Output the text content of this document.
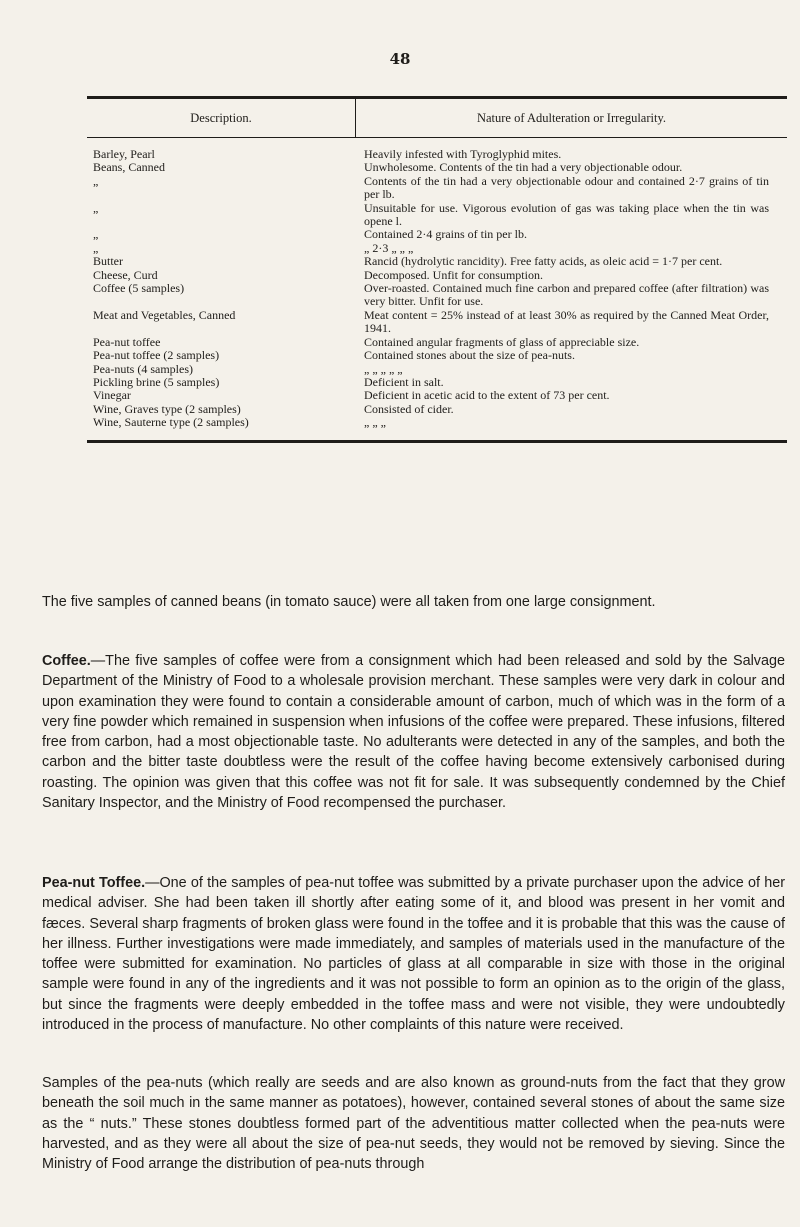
48
Description.	Nature of Adulteration or Irregularity.
Barley, Pearl	Heavily infested with Tyroglyphid mites.
Beans, Canned	Unwholesome. Contents of the tin had a very objectionable odour.
„	Contents of the tin had a very objectionable odour and contained 2·7 grains of tin per lb.
„	Unsuitable for use. Vigorous evolution of gas was taking place when the tin was opene l.
„	Contained 2·4 grains of tin per lb.
„	„ 2·3 „ „ „
Butter	Rancid (hydrolytic rancidity). Free fatty acids, as oleic acid = 1·7 per cent.
Cheese, Curd	Decomposed. Unfit for consumption.
Coffee (5 samples)	Over-roasted. Contained much fine carbon and prepared coffee (after filtration) was very bitter. Unfit for use.
Meat and Vegetables, Canned	Meat content = 25% instead of at least 30% as required by the Canned Meat Order, 1941.
Pea-nut toffee	Contained angular fragments of glass of appreciable size.
Pea-nut toffee (2 samples)	Contained stones about the size of pea-nuts.
Pea-nuts (4 samples)	„ „ „ „ „
Pickling brine (5 samples)	Deficient in salt.
Vinegar	Deficient in acetic acid to the extent of 73 per cent.
Wine, Graves type (2 samples)	Consisted of cider.
Wine, Sauterne type (2 samples)	„ „ „

The five samples of canned beans (in tomato sauce) were all taken from one large consignment.

Coffee.—The five samples of coffee were from a consignment which had been released and sold by the Salvage Department of the Ministry of Food to a wholesale provision merchant. These samples were very dark in colour and upon examination they were found to contain a considerable amount of carbon, much of which was in the form of a very fine powder which remained in suspension when infusions of the coffee were prepared. These infusions, filtered free from carbon, had a most objectionable taste. No adulterants were detected in any of the samples, and both the carbon and the bitter taste doubtless were the result of the coffee having become extensively carbonised during roasting. The opinion was given that this coffee was not fit for sale. It was subsequently condemned by the Chief Sanitary Inspector, and the Ministry of Food recompensed the purchaser.

Pea-nut Toffee.—One of the samples of pea-nut toffee was submitted by a private purchaser upon the advice of her medical adviser. She had been taken ill shortly after eating some of it, and blood was present in her vomit and fæces. Several sharp fragments of broken glass were found in the toffee and it is probable that this was the cause of her illness. Further investigations were made immediately, and samples of materials used in the manufacture of the toffee were submitted for examination. No particles of glass at all comparable in size with those in the original sample were found in any of the ingredients and it was not possible to form an opinion as to the origin of the glass, but since the fragments were deeply embedded in the toffee mass and were not visible, they were undoubtedly introduced in the process of manufacture. No other complaints of this nature were received.

Samples of the pea-nuts (which really are seeds and are also known as ground-nuts from the fact that they grow beneath the soil much in the same manner as potatoes), however, contained several stones of about the same size as the “ nuts.” These stones doubtless formed part of the adventitious matter collected when the pea-nuts were harvested, and as they were all about the size of pea-nut seeds, they would not be removed by sieving. Since the Ministry of Food arrange the distribution of pea-nuts through
